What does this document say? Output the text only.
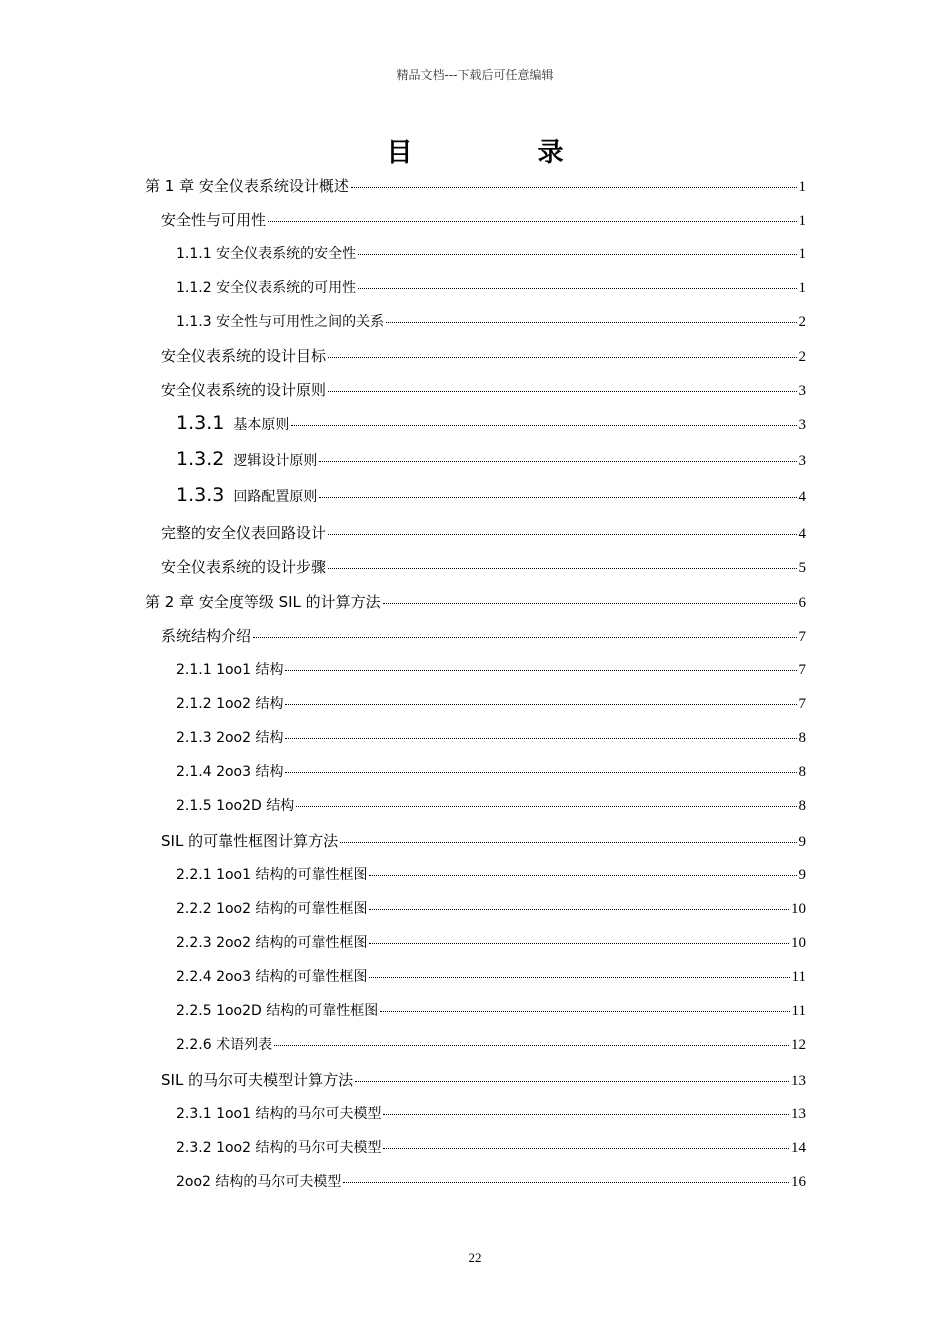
精品文档---下载后可任意编辑
目 录
第 1 章 安全仪表系统设计概述	1
安全性与可用性	1
1.1.1 安全仪表系统的安全性	1
1.1.2 安全仪表系统的可用性	1
1.1.3 安全性与可用性之间的关系	2
安全仪表系统的设计目标	2
安全仪表系统的设计原则	3
1.3.1 基本原则	3
1.3.2 逻辑设计原则	3
1.3.3 回路配置原则	4
完整的安全仪表回路设计	4
安全仪表系统的设计步骤	5
第 2 章 安全度等级 SIL 的计算方法	6
系统结构介绍	7
2.1.1 1oo1 结构	7
2.1.2 1oo2 结构	7
2.1.3 2oo2 结构	8
2.1.4 2oo3 结构	8
2.1.5 1oo2D 结构	8
SIL 的可靠性框图计算方法	9
2.2.1 1oo1 结构的可靠性框图	9
2.2.2 1oo2 结构的可靠性框图	10
2.2.3 2oo2 结构的可靠性框图	10
2.2.4 2oo3 结构的可靠性框图	11
2.2.5 1oo2D 结构的可靠性框图	11
2.2.6 术语列表	12
SIL 的马尔可夫模型计算方法	13
2.3.1 1oo1 结构的马尔可夫模型	13
2.3.2 1oo2 结构的马尔可夫模型	14
2oo2 结构的马尔可夫模型	16
22
